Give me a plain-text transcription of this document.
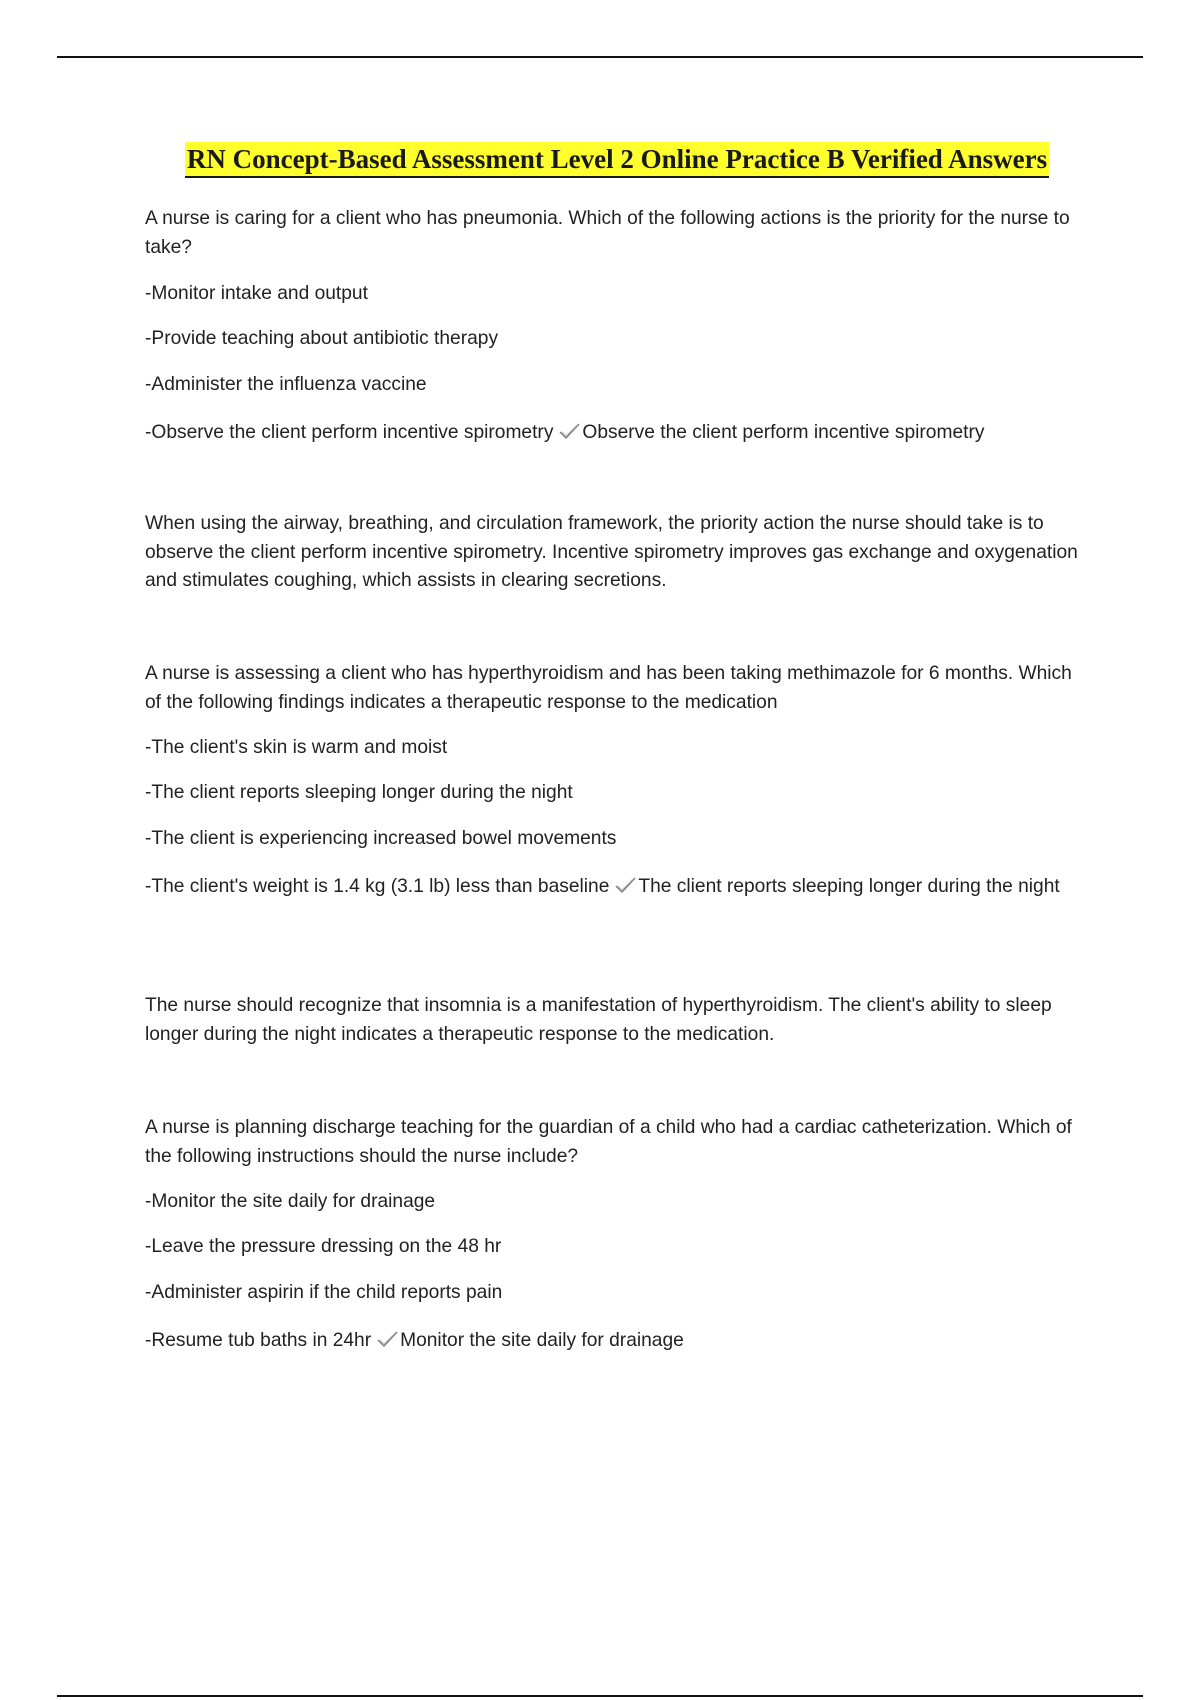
RN Concept-Based Assessment Level 2 Online Practice B Verified Answers

A nurse is caring for a client who has pneumonia. Which of the following actions is the priority for the nurse to take?

-Monitor intake and output

-Provide teaching about antibiotic therapy

-Administer the influenza vaccine

-Observe the client perform incentive spirometry Observe the client perform incentive spirometry

When using the airway, breathing, and circulation framework, the priority action the nurse should take is to observe the client perform incentive spirometry. Incentive spirometry improves gas exchange and oxygenation and stimulates coughing, which assists in clearing secretions.

A nurse is assessing a client who has hyperthyroidism and has been taking methimazole for 6 months. Which of the following findings indicates a therapeutic response to the medication

-The client's skin is warm and moist

-The client reports sleeping longer during the night

-The client is experiencing increased bowel movements

-The client's weight is 1.4 kg (3.1 lb) less than baseline The client reports sleeping longer during the night

The nurse should recognize that insomnia is a manifestation of hyperthyroidism. The client's ability to sleep longer during the night indicates a therapeutic response to the medication.

A nurse is planning discharge teaching for the guardian of a child who had a cardiac catheterization. Which of the following instructions should the nurse include?

-Monitor the site daily for drainage

-Leave the pressure dressing on the 48 hr

-Administer aspirin if the child reports pain

-Resume tub baths in 24hr Monitor the site daily for drainage
